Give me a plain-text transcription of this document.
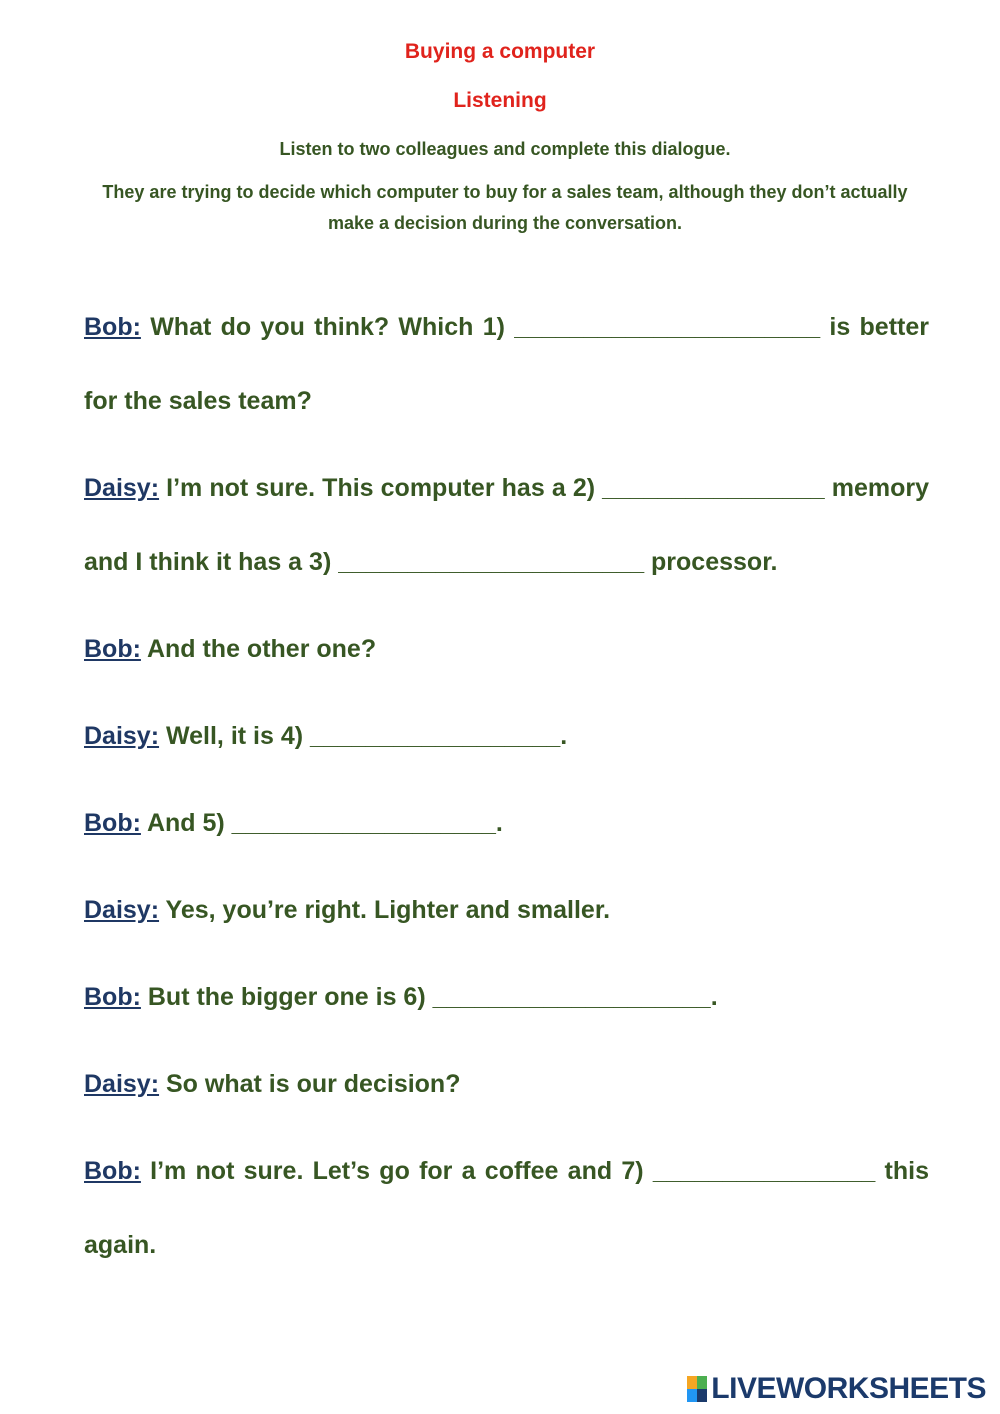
Buying a computer
Listening
Listen to two colleagues and complete this dialogue.
They are trying to decide which computer to buy for a sales team, although they don’t actually make a decision during the conversation.
Bob: What do you think? Which 1) ______________________ is better for the sales team?
Daisy: I’m not sure. This computer has a 2) ________________ memory and I think it has a 3) ______________________ processor.
Bob: And the other one?
Daisy: Well, it is 4) __________________.
Bob: And 5) ___________________.
Daisy: Yes, you’re right. Lighter and smaller.
Bob: But the bigger one is 6) ____________________.
Daisy: So what is our decision?
Bob: I’m not sure. Let’s go for a coffee and 7) ________________ this again.
LIVEWORKSHEETS
